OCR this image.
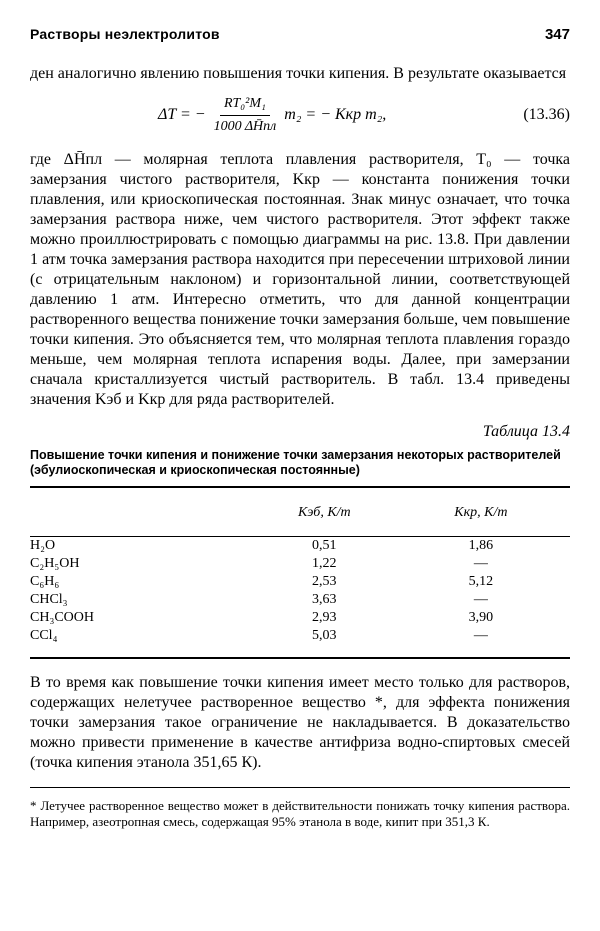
Растворы неэлектролитов	347

ден аналогично явлению повышения точки кипения. В результате оказывается

ΔT = − $\frac{\text{RT₀²M₁}}{1000 \Delta H̄пл} m_2$ = − Kкр m₂,	(13.36)

где ΔH̄пл — молярная теплота плавления растворителя, T₀ — точка замерзания чистого растворителя, Kкр — константа понижения точки плавления, или криоскопическая постоянная. Знак минус означает, что точка замерзания раствора ниже, чем чистого растворителя. Этот эффект также можно проиллюстрировать с помощью диаграммы на рис. 13.8. При давлении 1 атм точка замерзания раствора находится при пересечении штриховой линии (с отрицательным наклоном) и горизонтальной линии, соответствующей давлению 1 атм. Интересно отметить, что для данной концентрации растворенного вещества понижение точки замерзания больше, чем повышение точки кипения. Это объясняется тем, что молярная теплота плавления гораздо меньше, чем молярная теплота испарения воды. Далее, при замерзании сначала кристаллизуется чистый растворитель. В табл. 13.4 приведены значения Kэб и Kкр для ряда растворителей.

Таблица 13.4
Повышение точки кипения и понижение точки замерзания некоторых растворителей (эбулиоскопическая и криоскопическая постоянные)
	Kэб, К/m	Kкр, К/m

H₂O	0,51	1,86
C₂H₅OH	1,22	—
C₆H₆	2,53	5,12
CHCl₃	3,63	—
CH₃COOH	2,93	3,90
CCl₄	5,03	—

В то время как повышение точки кипения имеет место только для растворов, содержащих нелетучее растворенное вещество *, для эффекта понижения точки замерзания такое ограничение не накладывается. В доказательство можно привести применение в качестве антифриза водно-спиртовых смесей (точка кипения этанола 351,65 К).

* Летучее растворенное вещество может в действительности понижать точку кипения раствора. Например, азеотропная смесь, содержащая 95% этанола в воде, кипит при 351,3 К.
